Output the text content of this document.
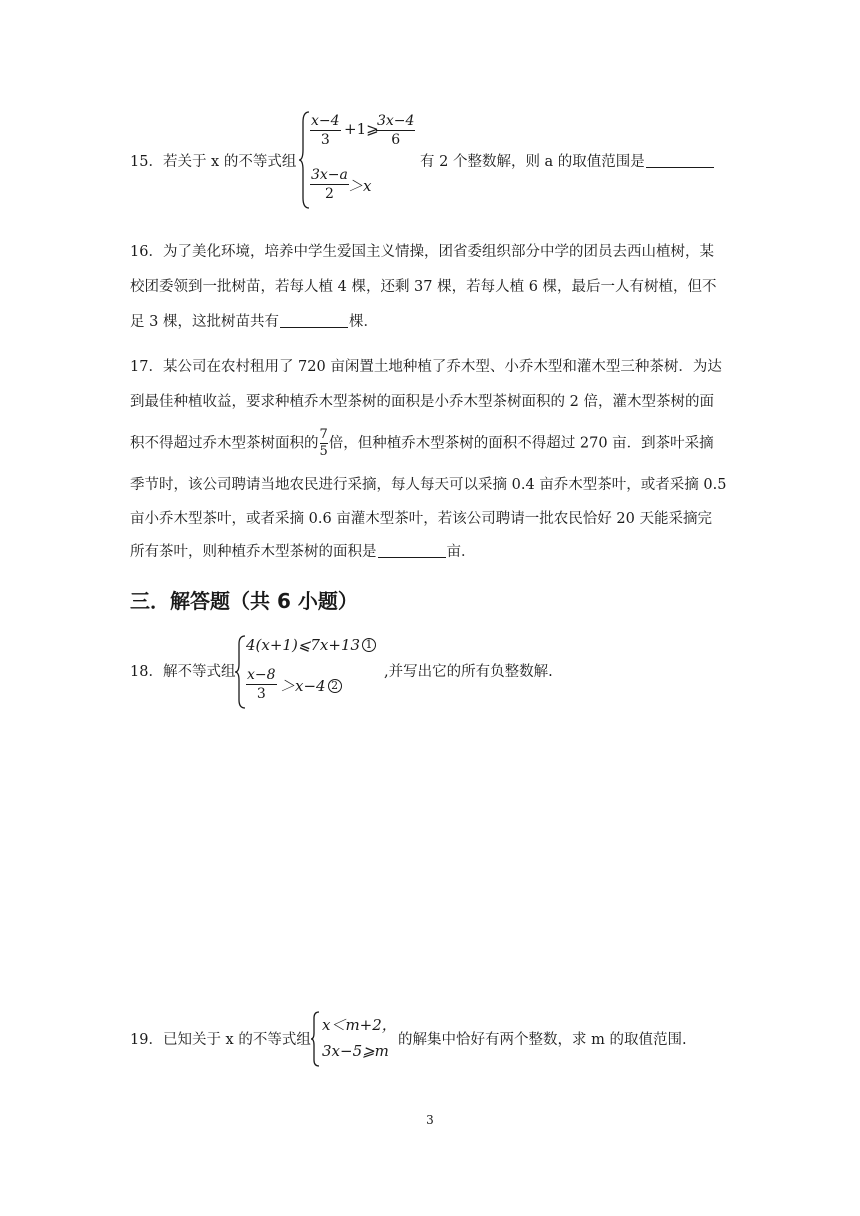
15．若关于 x 的不等式组
$\frac{x-4}{3}$ +1⩾
$\frac{3x-4}{6}$
$\frac{3x-a}{2} >x$
有 2 个整数解，则 a 的取值范围是
16．为了美化环境，培养中学生爱国主义情操，团省委组织部分中学的团员去西山植树，某
校团委领到一批树苗，若每人植 4 棵，还剩 37 棵，若每人植 6 棵，最后一人有树植，但不
足 3 棵，这批树苗共有	棵．
17．某公司在农村租用了 720 亩闲置土地种植了乔木型、小乔木型和灌木型三种茶树．为达
到最佳种植收益，要求种植乔木型茶树的面积是小乔木型茶树面积的 2 倍，灌木型茶树的面
积不得超过乔木型茶树面积的 $\frac{7}{5}$ 倍，但种植乔木型茶树的面积不得超过 270 亩．到茶叶采摘
季节时，该公司聘请当地农民进行采摘，每人每天可以采摘 0.4 亩乔木型茶叶，或者采摘 0.5
亩小乔木型茶叶，或者采摘 0.6 亩灌木型茶叶，若该公司聘请一批农民恰好 20 天能采摘完
所有茶叶，则种植乔木型茶树的面积是	亩．
三．解答题（共 6 小题）
18．解不等式组
4(x+1)⩽7x+13 1
$\frac{x-8}{3} >x-4$ 2
,并写出它的所有负整数解.
19．已知关于 x 的不等式组
x＜m+2，
3x−5⩾m
的解集中恰好有两个整数，求 m 的取值范围.
3
